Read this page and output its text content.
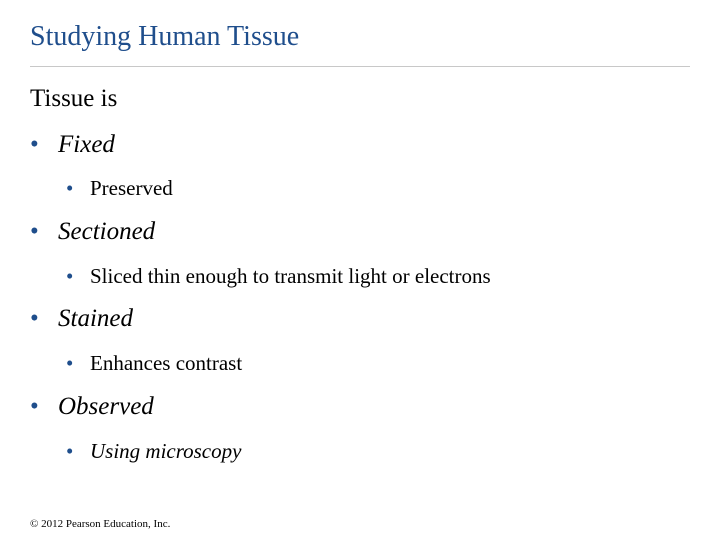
Studying Human Tissue
Tissue is
• Fixed
• Preserved
• Sectioned
• Sliced thin enough to transmit light or electrons
• Stained
• Enhances contrast
• Observed
• Using microscopy
© 2012 Pearson Education, Inc.
